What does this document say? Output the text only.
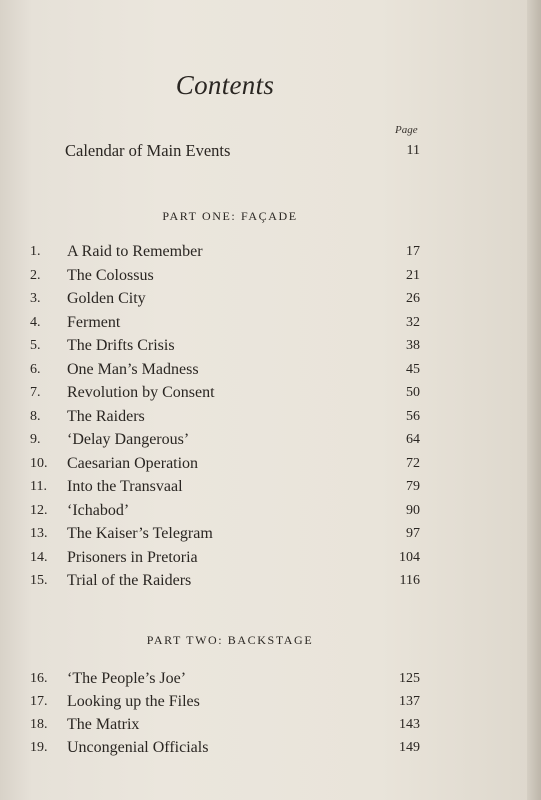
Contents
Page
Calendar of Main Events	11
PART ONE: FAÇADE
1. A Raid to Remember	17
2. The Colossus	21
3. Golden City	26
4. Ferment	32
5. The Drifts Crisis	38
6. One Man’s Madness	45
7. Revolution by Consent	50
8. The Raiders	56
9. ‘Delay Dangerous’	64
10. Caesarian Operation	72
11. Into the Transvaal	79
12. ‘Ichabod’	90
13. The Kaiser’s Telegram	97
14. Prisoners in Pretoria	104
15. Trial of the Raiders	116
PART TWO: BACKSTAGE
16. ‘The People’s Joe’	125
17. Looking up the Files	137
18. The Matrix	143
19. Uncongenial Officials	149
